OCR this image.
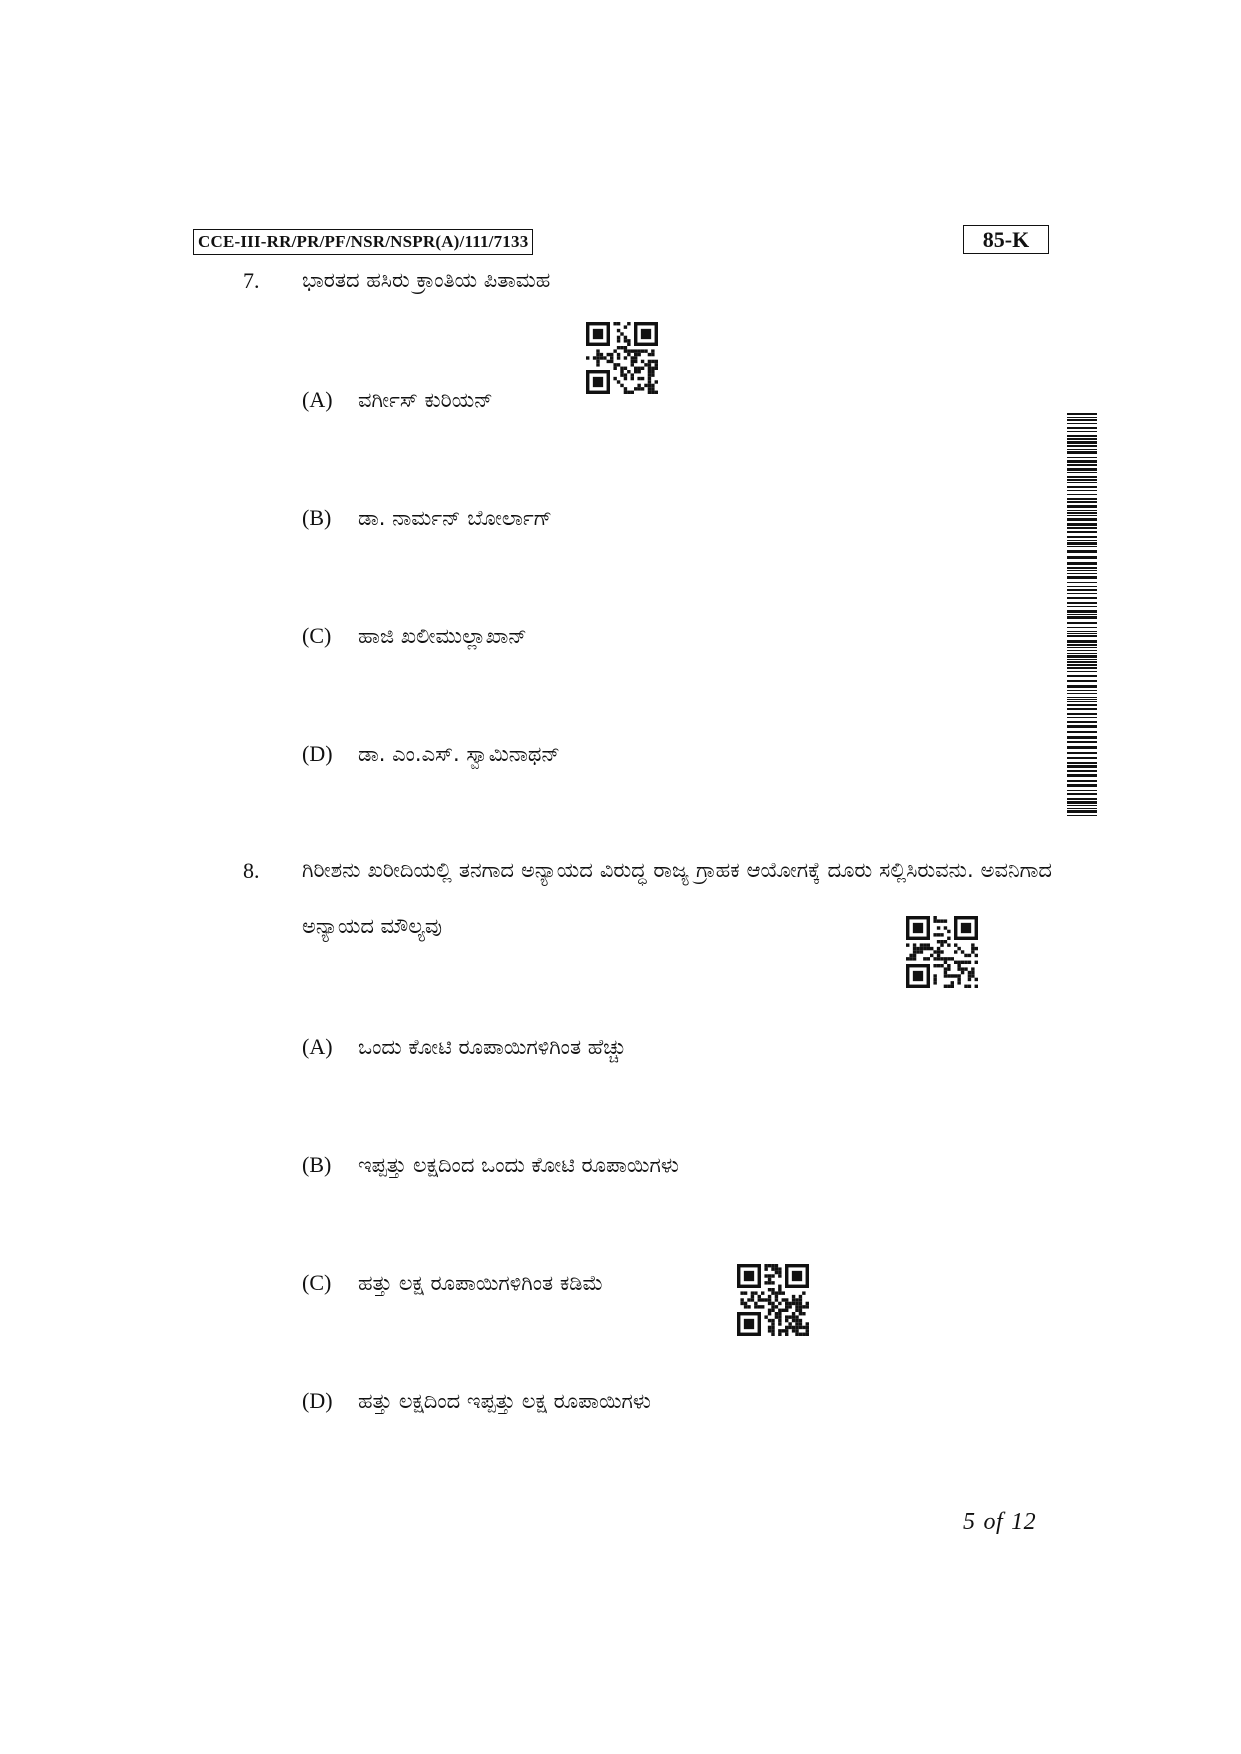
CCE-III-RR/PR/PF/NSR/NSPR(A)/111/7133	85-K
7. ಭಾರತದ ಹಸಿರು ಕ್ರಾಂತಿಯ ಪಿತಾಮಹ
(A) ವರ್ಗೀಸ್ ಕುರಿಯನ್
(B) ಡಾ. ನಾರ್ಮನ್ ಬೋರ್ಲಾಗ್
(C) ಹಾಜಿ ಖಲೀಮುಲ್ಲಾಖಾನ್
(D) ಡಾ. ಎಂ.ಎಸ್. ಸ್ವಾಮಿನಾಥನ್
8. ಗಿರೀಶನು ಖರೀದಿಯಲ್ಲಿ ತನಗಾದ ಅನ್ಯಾಯದ ವಿರುದ್ಧ ರಾಜ್ಯ ಗ್ರಾಹಕ ಆಯೋಗಕ್ಕೆ ದೂರು ಸಲ್ಲಿಸಿರುವನು. ಅವನಿಗಾದ ಅನ್ಯಾಯದ ಮೌಲ್ಯವು
(A) ಒಂದು ಕೋಟಿ ರೂಪಾಯಿಗಳಿಗಿಂತ ಹೆಚ್ಚು
(B) ಇಪ್ಪತ್ತು ಲಕ್ಷದಿಂದ ಒಂದು ಕೋಟಿ ರೂಪಾಯಿಗಳು
(C) ಹತ್ತು ಲಕ್ಷ ರೂಪಾಯಿಗಳಿಗಿಂತ ಕಡಿಮೆ
(D) ಹತ್ತು ಲಕ್ಷದಿಂದ ಇಪ್ಪತ್ತು ಲಕ್ಷ ರೂಪಾಯಿಗಳು
5 of 12
